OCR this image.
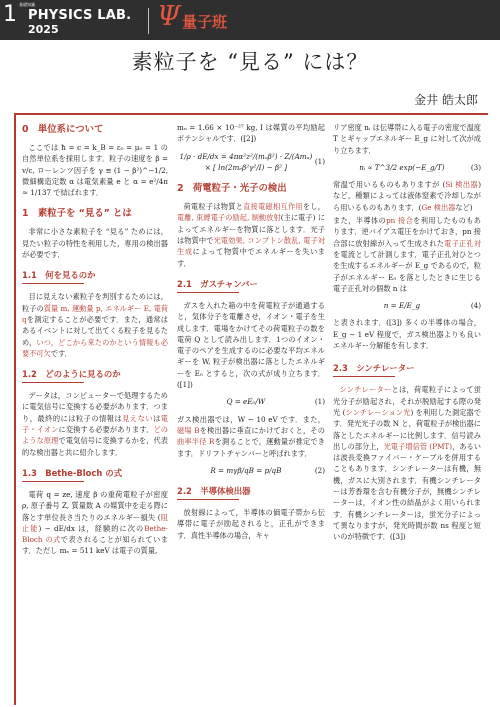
1 基礎知識
PHYSICS LAB.
2025	Ψ 量子班
素粒子を “見る” には？
金井 皓太郎
0　単位系について

ここでは ħ = c = k_B = ε₀ = μ₀ = 1 の自然単位系を採用します．粒子の速度を β = v/c, ローレンツ因子を γ ≡ (1 − β²)^−1/2, 微細構造定数 α は電気素量 e と α = e²/4π ≃ 1/137 で結ばれます．

1　素粒子を “見る” とは

非常に小さな素粒子を “見る” ためには，見たい粒子の特性を利用した，専用の検出器が必要です．

1.1　何を見るのか

目に見えない素粒子を判別するためには，粒子の質量 m, 運動量 p, エネルギー E, 電荷 qを測定することが必要です．また，通常はあるイベントに対して出てくる粒子を見るため，いつ，どこから来たのかという情報も必要不可欠です．

1.2　どのように見るのか

データは，コンピューターで処理するために電気信号に変換する必要があります．つまり，最終的には粒子の情報は見えないは電子・イオンに変換する必要があります．どのような原理で電気信号に変換するかを，代表的な検出器と共に紹介します．

1.3　Bethe-Bloch の式

電荷 q = ze, 速度 β の重荷電粒子が密度 ρ, 原子番号 Z, 質量数 A の媒質中を走る際に落とす単位長さ当たりのエネルギー損失 (阻止能) − dE/dx は，経験的に次のBethe-Bloch の式で表されることが知られています．ただし mₑ = 511 keV は電子の質量,

mᵤ = 1.66 × 10⁻²⁷ kg, I は媒質の平均励起ポテンシャルです．([2])

1/ρ · dE/dx = 4πα²z²/(mₑβ²) · Z/(Amᵤ) × [ ln(2mₑβ²γ²/I) − β² ]
(1)
2　荷電粒子・光子の検出

荷電粒子は物質と直接電磁相互作用をし，電離, 束縛電子の励起, 制動放射(主に電子) によってエネルギーを物質に落とします．光子は物質中で光電効果, コンプトン散乱, 電子対生成によって物質中でエネルギーを失います．

2.1　ガスチャンバー

ガスを入れた箱の中を荷電粒子が通過すると，気体分子を電離させ，イオン・電子を生成します．電場をかけてその荷電粒子の数を電荷 Q として読み出します．1つのイオン・電子のペアを生成するのに必要な平均エネルギーを W, 粒子が検出器に落としたエネルギーを E₀ とすると，次の式が成り立ちます．([1])

Q = eE₀/W	(1)

ガス検出器では，W ∼ 10 eV です．また，磁場 Bを検出器に垂直にかけておくと，その曲率半径 Rを測ることで，運動量が推定できます．ドリフトチャンバーと呼ばれます．

R = mγβ/qB = p/qB	(2)
2.2　半導体検出器

放射線によって，半導体の価電子帯から伝導帯に電子が励起されると，正孔ができます．真性半導体の場合，キャ

リア密度 nᵢ は伝導帯に入る電子の密度で温度 T とギャップエネルギー E_g に対して次が成り立ちます．

nᵢ ∝ T^3/2 exp(−E_g/T)	(3)

常温で用いるものもありますが (Si 検出器) など，種類によっては液体窒素で冷却しながら用いるものもあります．(Ge 検出器など)

また，半導体のpn 接合を利用したものもあります．逆バイアス電圧をかけておき，pn 接合部に放射線が入って生成された電子正孔対を電流として計測します．電子正孔対ひとつを生成するエネルギーが E_g であるので，粒子がエネルギー E₀ を落としたときに生じる電子正孔対の個数 n は

n = E/E_g	(4)

と表されます．([3]) 多くの半導体の場合，E_g ∼ 1 eV 程度で，ガス検出器よりも良いエネルギー分解能を有します．

2.3　シンチレーター

シンチレーターとは，荷電粒子によって蛍光分子が励起され，それが脱励起する際の発光 (シンチレーション光) を利用した測定器です．発光光子の数 N と，荷電粒子が検出器に落としたエネルギーに比例します．信号読み出しの部分上，光電子増倍管 (PMT)，あるいは波長変換ファイバー・ケーブルを併用することもあります．シンチレーターは有機，無機，ガスに大別されます．有機シンチレーターは芳香環を含む有機分子が，無機シンチレーターは，イオン性の結晶がよく用いられます．有機シンチレーターは，蛍光分子によって異なりますが，発光時間が数 ns 程度と短いのが特徴です．([3])
